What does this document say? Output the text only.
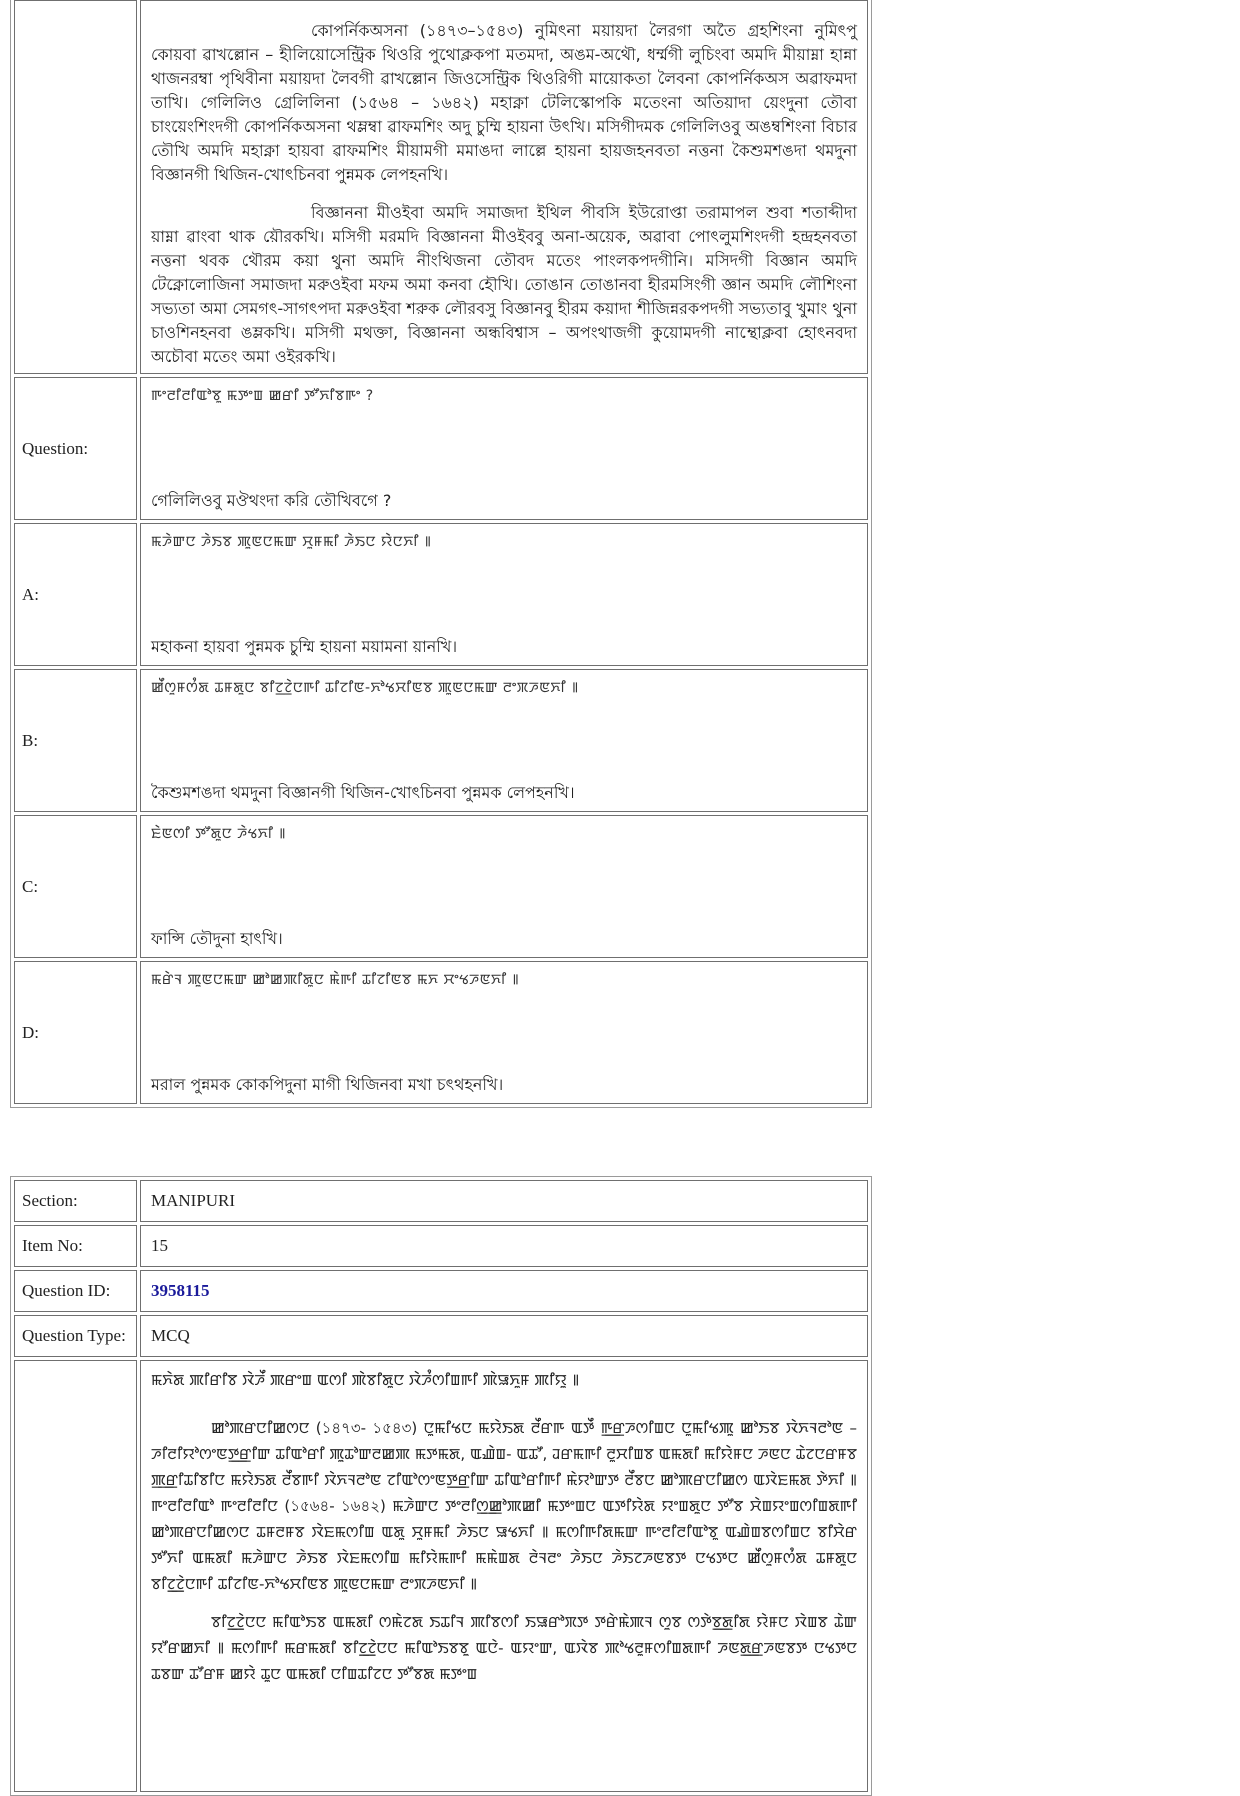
	কোপর্নিকঅসনা (১৪৭৩–১৫৪৩) নুমিৎনা ময়ায়দা লৈরগা অতৈ গ্রহশিংনা নুমিৎপু কোয়বা ৱাখল্লোন – হীলিয়োসেন্ট্রিক থিওরি পুথোক্লকপা মতমদা, অঙম-অথৌ, ধর্ম্মগী লুচিংবা অমদি মীয়াম্না হান্না থাজনরম্বা পৃথিবীনা ময়ায়দা লৈবগী ৱাখল্লোন জিওসেন্ট্রিক থিওরিগী মায়োকতা লৈবনা কোপর্নিকঅস অৱাফমদা তাখি। গেলিলিও গ্রেলিলিনা (১৫৬৪ – ১৬৪২) মহাক্না টেলিস্কোপকি মতেংনা অতিয়াদা য়েংদুনা তৌবা চাংয়েংশিংদগী কোপর্নিকঅসনা থম্লম্বা ৱাফমশিং অদু চুম্মি হায়না উৎখি। মসিগীদমক গেলিলিওবু অঙম্বশিংনা বিচার তৌখি অমদি মহাক্না হায়বা ৱাফমশিং মীয়ামগী মমাঙদা লাল্লে হায়না হায়জহনবতা নত্তনা কৈশুমশঙদা থমদুনা বিজ্ঞানগী থিজিন-খোৎচিনবা পুন্নমক লেপহনখি।

বিজ্ঞাননা মীওইবা অমদি সমাজদা ইথিল পীবসি ইউরোপ্তা তরামাপল শুবা শতাব্দীদা য়াম্না ৱাংবা থাক য়ৌরকখি। মসিগী মরমদি বিজ্ঞাননা মীওইববু অনা-অয়েক, অৱাবা পোৎলুমশিংদগী হন্দ্রহনবতা নত্তনা থবক থৌরম কয়া থুনা অমদি নীংথিজনা তৌবদ মতেং পাংলকপদগীনি। মসিদগী বিজ্ঞান অমদি টেক্নোলোজিনা সমাজদা মরুওইবা মফম অমা কনবা হৌখি। তোঙান তোঙানবা হীরমসিংগী জ্ঞান অমদি লৌশিংনা সভ্যতা অমা সেমগৎ-সাগৎপদা মরুওইবা শরুক লৌরবসু বিজ্ঞানবু হীরম কয়াদা শীজিন্নরকপদগী সভ্যতাবু খুমাং থুনা চাওশিনহনবা ঙম্লকখি। মসিগী মথক্তা, বিজ্ঞাননা অন্ধবিশ্বাস – অপংথাজগী কুয়োমদগী নাম্থোক্লবা হোৎনবদা অচৌবা মতেং অমা ওইরকখি।

Question:	ꯒꯦꯂꯤꯂꯤꯑꯣꯕꯨ ꯃꯇꯦꯡ ꯀꯔꯤ ꯇꯧꯈꯤꯕꯒꯦ ?
গেলিলিওবু মঔথংদা করি তৌখিবগে ?

A:	ꯃꯍꯥꯛꯅ ꯍꯥꯏꯕ ꯄꯨꯟꯅꯃꯛ ꯆꯨꯝꯃꯤ ꯍꯥꯏꯅ ꯌꯥꯅꯈꯤ ꯫
মহাকনা হায়বা পুন্নমক চুম্মি হায়না ময়ামনা য়ানখি।

B:	ꯀꯩꯁꯨꯝꯁꯪꯗ ꯊꯝꯗꯨꯅ ꯕꯤꯖ꯭ꯖꯥꯅꯒꯤ ꯊꯤꯖꯤꯟ-ꯈꯣꯠꯆꯤꯟꯕ ꯄꯨꯟꯅꯃꯛ ꯂꯦꯞꯍꯟꯈꯤ ꯫
কৈশুমশঙদা থমদুনা বিজ্ঞানগী থিজিন-খোৎচিনবা পুন্নমক লেপহনখি।

C:	ꯐꯥꯟꯁꯤ ꯇꯧꯗꯨꯅ ꯍꯥꯠꯈꯤ ꯫
ফান্সি তৌদুনা হাৎখি।

D:	ꯃꯔꯥꯜ ꯄꯨꯟꯅꯃꯛ ꯀꯣꯀꯄꯤꯗꯨꯅ ꯃꯥꯒꯤ ꯊꯤꯖꯤꯟꯕ ꯃꯈ ꯆꯦꯠꯍꯟꯈꯤ ꯫
মরাল পুন্নমক কোকপিদুনা মাগী থিজিনবা মখা চৎথহনখি।
Section:	MANIPURI
Item No:	15
Question ID:	3958115
Question Type:	MCQ

	ꯃꯈꯥꯗ ꯄꯤꯔꯤꯕ ꯋꯥꯍꯩ ꯄꯔꯦꯡ ꯑꯁꯤ ꯄꯥꯕꯤꯗꯨꯅ ꯋꯥꯍꯪꯁꯤꯡꯒꯤ ꯄꯥꯎꯈꯨꯝ ꯄꯤꯌꯨ ꯫

ꯀꯣꯄꯔꯅꯤꯀꯁꯅ (১৪৭৩- ১৫৪৩) ꯅꯨꯃꯤꯠꯅ ꯃꯌꯥꯏꯗ ꯂꯩꯔꯒ ꯑꯇꯩ ꯒ꯭ꯔꯍꯁꯤꯡꯅ ꯅꯨꯃꯤꯠꯄꯨ ꯀꯣꯏꯕ ꯋꯥꯈꯜꯂꯣꯟ – ꯍꯤꯂꯤꯌꯣꯁꯦꯟꯇ꯭ꯔꯤꯛ ꯊꯤꯑꯣꯔꯤ ꯄꯨꯊꯣꯛꯂꯀꯄ ꯃꯇꯃꯗ, ꯑꯉꯥꯡ- ꯑꯊꯧ, ꯙꯔꯃꯒꯤ ꯂꯨꯆꯤꯡꯕ ꯑꯃꯗꯤ ꯃꯤꯌꯥꯝꯅ ꯍꯟꯅ ꯊꯥꯖꯅꯔꯝꯕ ꯄ꯭ꯔꯤꯊꯤꯕꯤꯅ ꯃꯌꯥꯏꯗ ꯂꯩꯕꯒꯤ ꯋꯥꯈꯜꯂꯣꯟ ꯖꯤꯑꯣꯁꯦꯟꯇ꯭ꯔꯤꯛ ꯊꯤꯑꯣꯔꯤꯒꯤ ꯃꯥꯌꯣꯛꯇ ꯂꯩꯕꯅ ꯀꯣꯄꯔꯅꯤꯀꯁ ꯑꯋꯥꯐꯃꯗ ꯇꯥꯈꯤ ꯫ ꯒꯦꯂꯤꯂꯤꯑꯣ ꯒꯦꯂꯤꯂꯤꯅ (১৫৬৪- ১৬৪২) ꯃꯍꯥꯛꯅ ꯇꯦꯂꯤꯁ꯭ꯀꯣꯄꯀꯤ ꯃꯇꯦꯡꯅ ꯑꯇꯤꯌꯥꯗ ꯌꯦꯡꯗꯨꯅ ꯇꯧꯕ ꯆꯥꯡꯌꯦꯡꯁꯤꯡꯗꯒꯤ ꯀꯣꯄꯔꯅꯤꯀꯁꯅ ꯊꯝꯂꯝꯕ ꯋꯥꯐꯃꯁꯤꯡ ꯑꯗꯨ ꯆꯨꯝꯃꯤ ꯍꯥꯏꯅ ꯎꯠꯈꯤ ꯫ ꯃꯁꯤꯒꯤꯗꯃꯛ ꯒꯦꯂꯤꯂꯤꯑꯣꯕꯨ ꯑꯉꯥꯡꯕꯁꯤꯡꯅ ꯕꯤꯆꯥꯔ ꯇꯧꯈꯤ ꯑꯃꯗꯤ ꯃꯍꯥꯛꯅ ꯍꯥꯏꯕ ꯋꯥꯐꯃꯁꯤꯡ ꯃꯤꯌꯥꯃꯒꯤ ꯃꯃꯥꯡꯗ ꯂꯥꯜꯂꯦ ꯍꯥꯏꯅ ꯍꯥꯏꯖꯍꯟꯕꯇ ꯅꯠꯇꯅ ꯀꯩꯁꯨꯝꯁꯪꯗ ꯊꯝꯗꯨꯅ ꯕꯤꯖ꯭ꯖꯥꯅꯒꯤ ꯊꯤꯖꯤꯟ-ꯈꯣꯠꯆꯤꯟꯕ ꯄꯨꯟꯅꯃꯛ ꯂꯦꯞꯍꯟꯈꯤ ꯫

ꯕꯤꯖ꯭ꯖꯥꯅꯅ ꯃꯤꯑꯣꯏꯕ ꯑꯃꯗꯤ ꯁꯃꯥꯖꯗ ꯏꯊꯤꯜ ꯄꯤꯕꯁꯤ ꯏꯎꯔꯣꯞꯇ ꯇꯔꯥꯃꯥꯄꯜ ꯁꯨꯕ ꯁꯇꯥꯕ꯭ꯗꯤꯗ ꯌꯥꯝꯅ ꯋꯥꯡꯕ ꯊꯥꯛ ꯌꯧꯔꯀꯈꯤ ꯫ ꯃꯁꯤꯒꯤ ꯃꯔꯃꯗꯤ ꯕꯤꯖ꯭ꯖꯥꯅꯅ ꯃꯤꯑꯣꯏꯕꯕꯨ ꯑꯅꯥ- ꯑꯌꯦꯛ, ꯑꯋꯥꯕ ꯄꯣꯠꯂꯨꯝꯁꯤꯡꯗꯒꯤ ꯍꯟꯗ꯭ꯔꯍꯟꯕꯇ ꯅꯠꯇꯅ ꯊꯕꯛ ꯊꯧꯔꯝ ꯀꯌꯥ ꯊꯨꯅ ꯑꯃꯗꯤ ꯅꯤꯡꯊꯤꯖꯅ ꯇꯧꯕꯗ ꯃꯇꯦꯡ
